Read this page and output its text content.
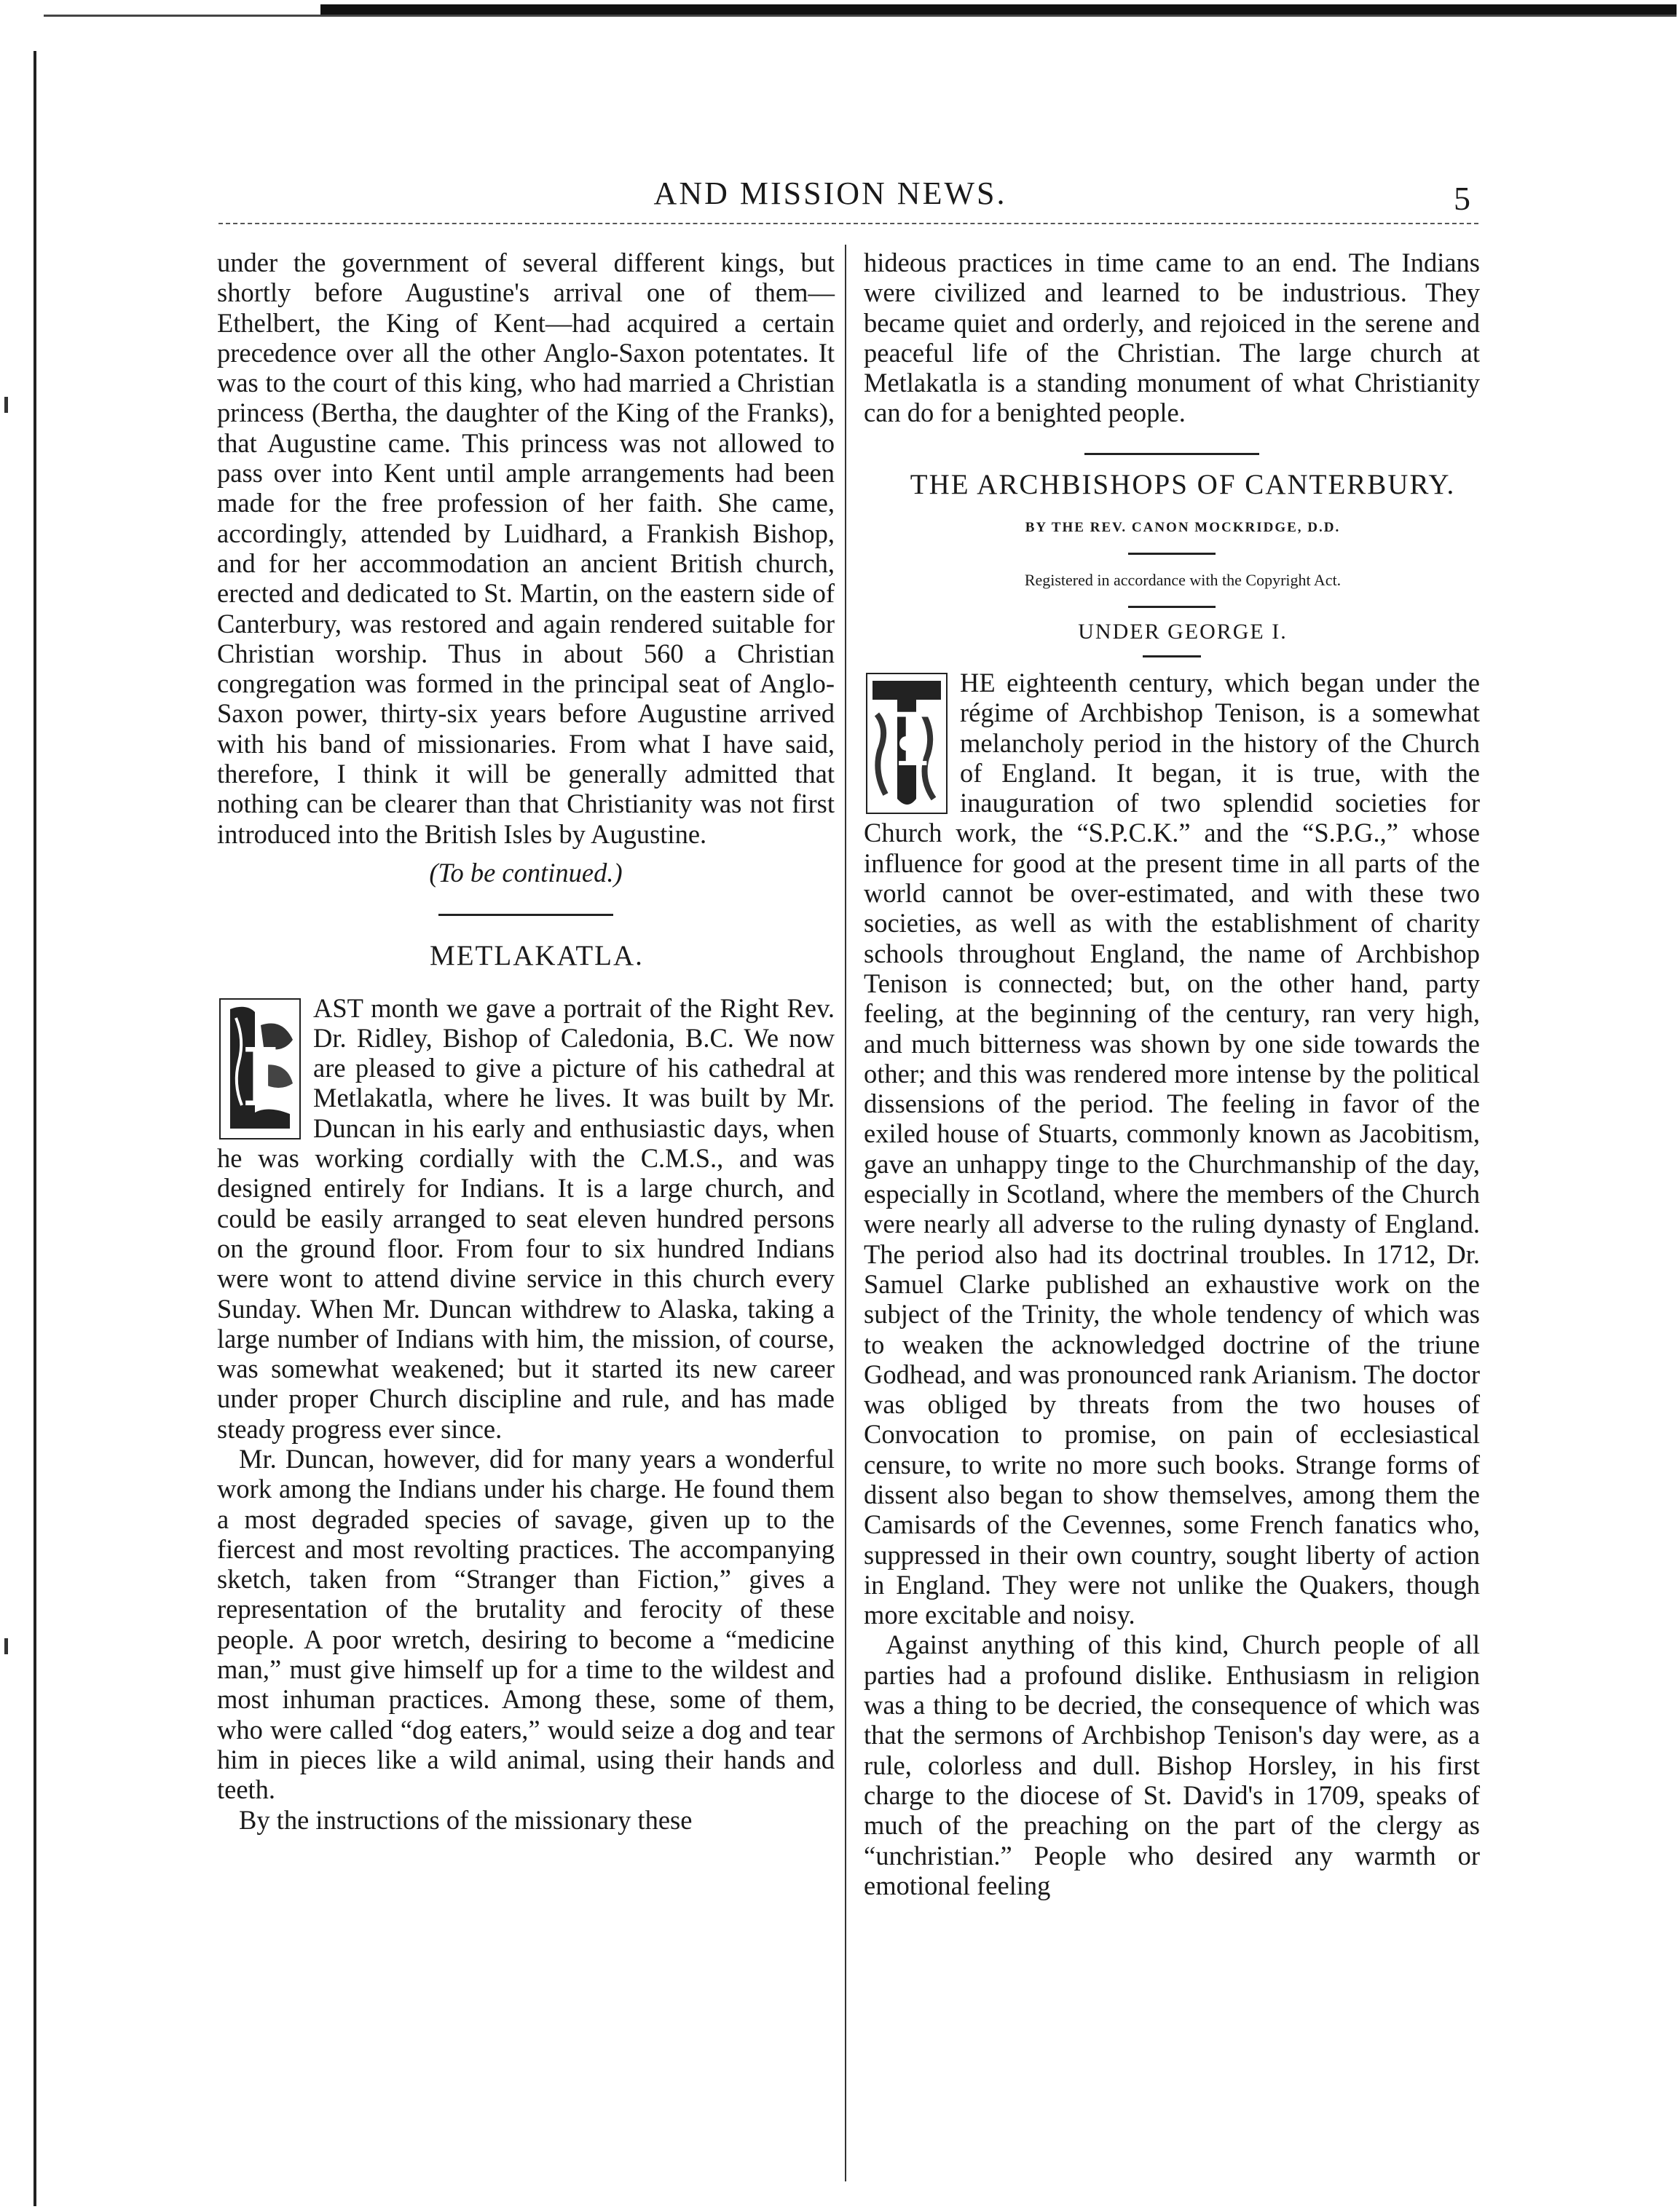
AND MISSION NEWS.	5

under the government of several different kings, but shortly before Augustine's arrival one of them—Ethelbert, the King of Kent—had acquired a certain precedence over all the other Anglo-Saxon potentates. It was to the court of this king, who had married a Christian princess (Bertha, the daughter of the King of the Franks), that Augustine came. This princess was not allowed to pass over into Kent until ample arrangements had been made for the free profession of her faith. She came, accordingly, attended by Luidhard, a Frankish Bishop, and for her accommodation an ancient British church, erected and dedicated to St. Martin, on the eastern side of Canterbury, was restored and again rendered suitable for Christian worship. Thus in about 560 a Christian congregation was formed in the principal seat of Anglo-Saxon power, thirty-six years before Augustine arrived with his band of missionaries. From what I have said, therefore, I think it will be generally admitted that nothing can be clearer than that Christianity was not first introduced into the British Isles by Augustine.

(To be continued.)

METLAKATLA.

L

AST month we gave a portrait of the Right Rev. Dr. Ridley, Bishop of Caledonia, B.C. We now are pleased to give a picture of his cathedral at Metlakatla, where he lives. It was built by Mr. Duncan in his early and enthusiastic days, when he was working cordially with the C.M.S., and was designed entirely for Indians. It is a large church, and could be easily arranged to seat eleven hundred persons on the ground floor. From four to six hundred Indians were wont to attend divine service in this church every Sunday. When Mr. Duncan withdrew to Alaska, taking a large number of Indians with him, the mission, of course, was somewhat weakened; but it started its new career under proper Church discipline and rule, and has made steady progress ever since.

Mr. Duncan, however, did for many years a wonderful work among the Indians under his charge. He found them a most degraded species of savage, given up to the fiercest and most revolting practices. The accompanying sketch, taken from “Stranger than Fiction,” gives a representation of the brutality and ferocity of these people. A poor wretch, desiring to become a “medicine man,” must give himself up for a time to the wildest and most inhuman practices. Among these, some of them, who were called “dog eaters,” would seize a dog and tear him in pieces like a wild animal, using their hands and teeth.

By the instructions of the missionary these

hideous practices in time came to an end. The Indians were civilized and learned to be industrious. They became quiet and orderly, and rejoiced in the serene and peaceful life of the Christian. The large church at Metlakatla is a standing monument of what Christianity can do for a benighted people.

THE ARCHBISHOPS OF CANTERBURY.

BY THE REV. CANON MOCKRIDGE, D.D.

Registered in accordance with the Copyright Act.

UNDER GEORGE I.

T

HE eighteenth century, which began under the régime of Archbishop Tenison, is a somewhat melancholy period in the history of the Church of England. It began, it is true, with the inauguration of two splendid societies for Church work, the “S.P.C.K.” and the “S.P.G.,” whose influence for good at the present time in all parts of the world cannot be over-estimated, and with these two societies, as well as with the establishment of charity schools throughout England, the name of Archbishop Tenison is connected; but, on the other hand, party feeling, at the beginning of the century, ran very high, and much bitterness was shown by one side towards the other; and this was rendered more intense by the political dissensions of the period. The feeling in favor of the exiled house of Stuarts, commonly known as Jacobitism, gave an unhappy tinge to the Churchmanship of the day, especially in Scotland, where the members of the Church were nearly all adverse to the ruling dynasty of England. The period also had its doctrinal troubles. In 1712, Dr. Samuel Clarke published an exhaustive work on the subject of the Trinity, the whole tendency of which was to weaken the acknowledged doctrine of the triune Godhead, and was pronounced rank Arianism. The doctor was obliged by threats from the two houses of Convocation to promise, on pain of ecclesiastical censure, to write no more such books. Strange forms of dissent also began to show themselves, among them the Camisards of the Cevennes, some French fanatics who, suppressed in their own country, sought liberty of action in England. They were not unlike the Quakers, though more excitable and noisy.

Against anything of this kind, Church people of all parties had a profound dislike. Enthusiasm in religion was a thing to be decried, the consequence of which was that the sermons of Archbishop Tenison's day were, as a rule, colorless and dull. Bishop Horsley, in his first charge to the diocese of St. David's in 1709, speaks of much of the preaching on the part of the clergy as “unchristian.” People who desired any warmth or emotional feeling
